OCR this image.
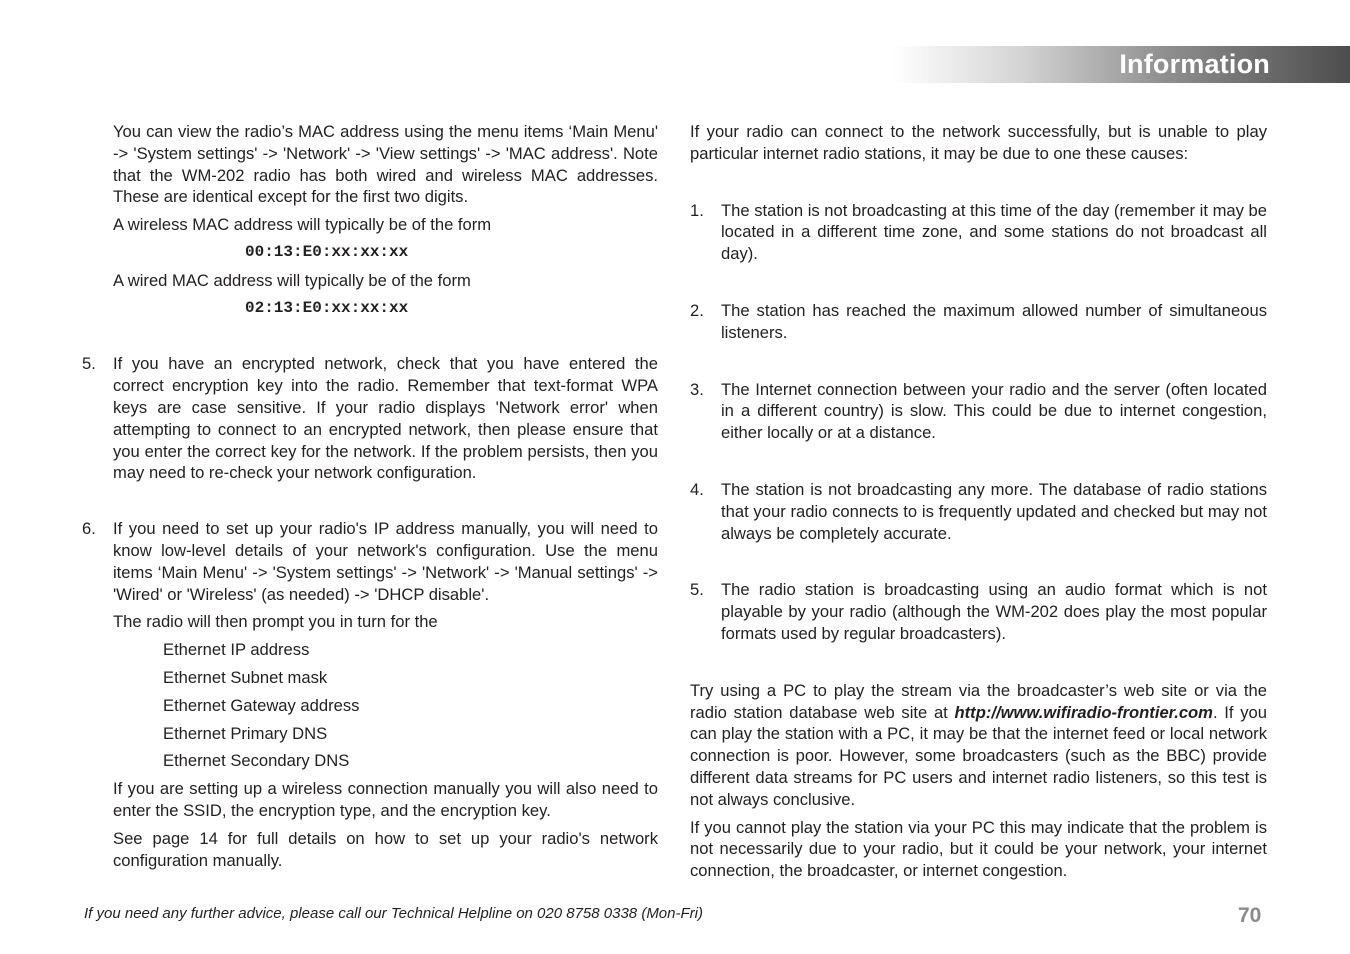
Information

You can view the radio’s MAC address using the menu items ‘Main Menu' -> 'System settings' -> 'Network' -> 'View settings' -> 'MAC address'. Note that the WM-202 radio has both wired and wireless MAC addresses. These are identical except for the first two digits.

A wireless MAC address will typically be of the form

00:13:E0:xx:xx:xx

A wired MAC address will typically be of the form

02:13:E0:xx:xx:xx

5.	If you have an encrypted network, check that you have entered the correct encryption key into the radio. Remember that text-format WPA keys are case sensitive. If your radio displays 'Network error' when attempting to connect to an encrypted network, then please ensure that you enter the correct key for the network. If the problem persists, then you may need to re-check your network configuration.
6.	If you need to set up your radio's IP address manually, you will need to know low-level details of your network's configuration. Use the menu items ‘Main Menu' -> 'System settings' -> 'Network' -> 'Manual settings' -> 'Wired' or 'Wireless' (as needed) -> 'DHCP disable'.

The radio will then prompt you in turn for the

Ethernet IP address

Ethernet Subnet mask

Ethernet Gateway address

Ethernet Primary DNS

Ethernet Secondary DNS

If you are setting up a wireless connection manually you will also need to enter the SSID, the encryption type, and the encryption key.

See page 14 for full details on how to set up your radio's network configuration manually.

If your radio can connect to the network successfully, but is unable to play particular internet radio stations, it may be due to one these causes:

1.	The station is not broadcasting at this time of the day (remember it may be located in a different time zone, and some stations do not broadcast all day).
2.	The station has reached the maximum allowed number of simultaneous listeners.
3.	The Internet connection between your radio and the server (often located in a different country) is slow. This could be due to internet congestion, either locally or at a distance.
4.	The station is not broadcasting any more. The database of radio stations that your radio connects to is frequently updated and checked but may not always be completely accurate.
5.	The radio station is broadcasting using an audio format which is not playable by your radio (although the WM-202 does play the most popular formats used by regular broadcasters).

Try using a PC to play the stream via the broadcaster’s web site or via the radio station database web site at http://www.wifiradio-frontier.com. If you can play the station with a PC, it may be that the internet feed or local network connection is poor. However, some broadcasters (such as the BBC) provide different data streams for PC users and internet radio listeners, so this test is not always conclusive.

If you cannot play the station via your PC this may indicate that the problem is not necessarily due to your radio, but it could be your network, your internet connection, the broadcaster, or internet congestion.

If you need any further advice, please call our Technical Helpline on 020 8758 0338 (Mon-Fri)	70
